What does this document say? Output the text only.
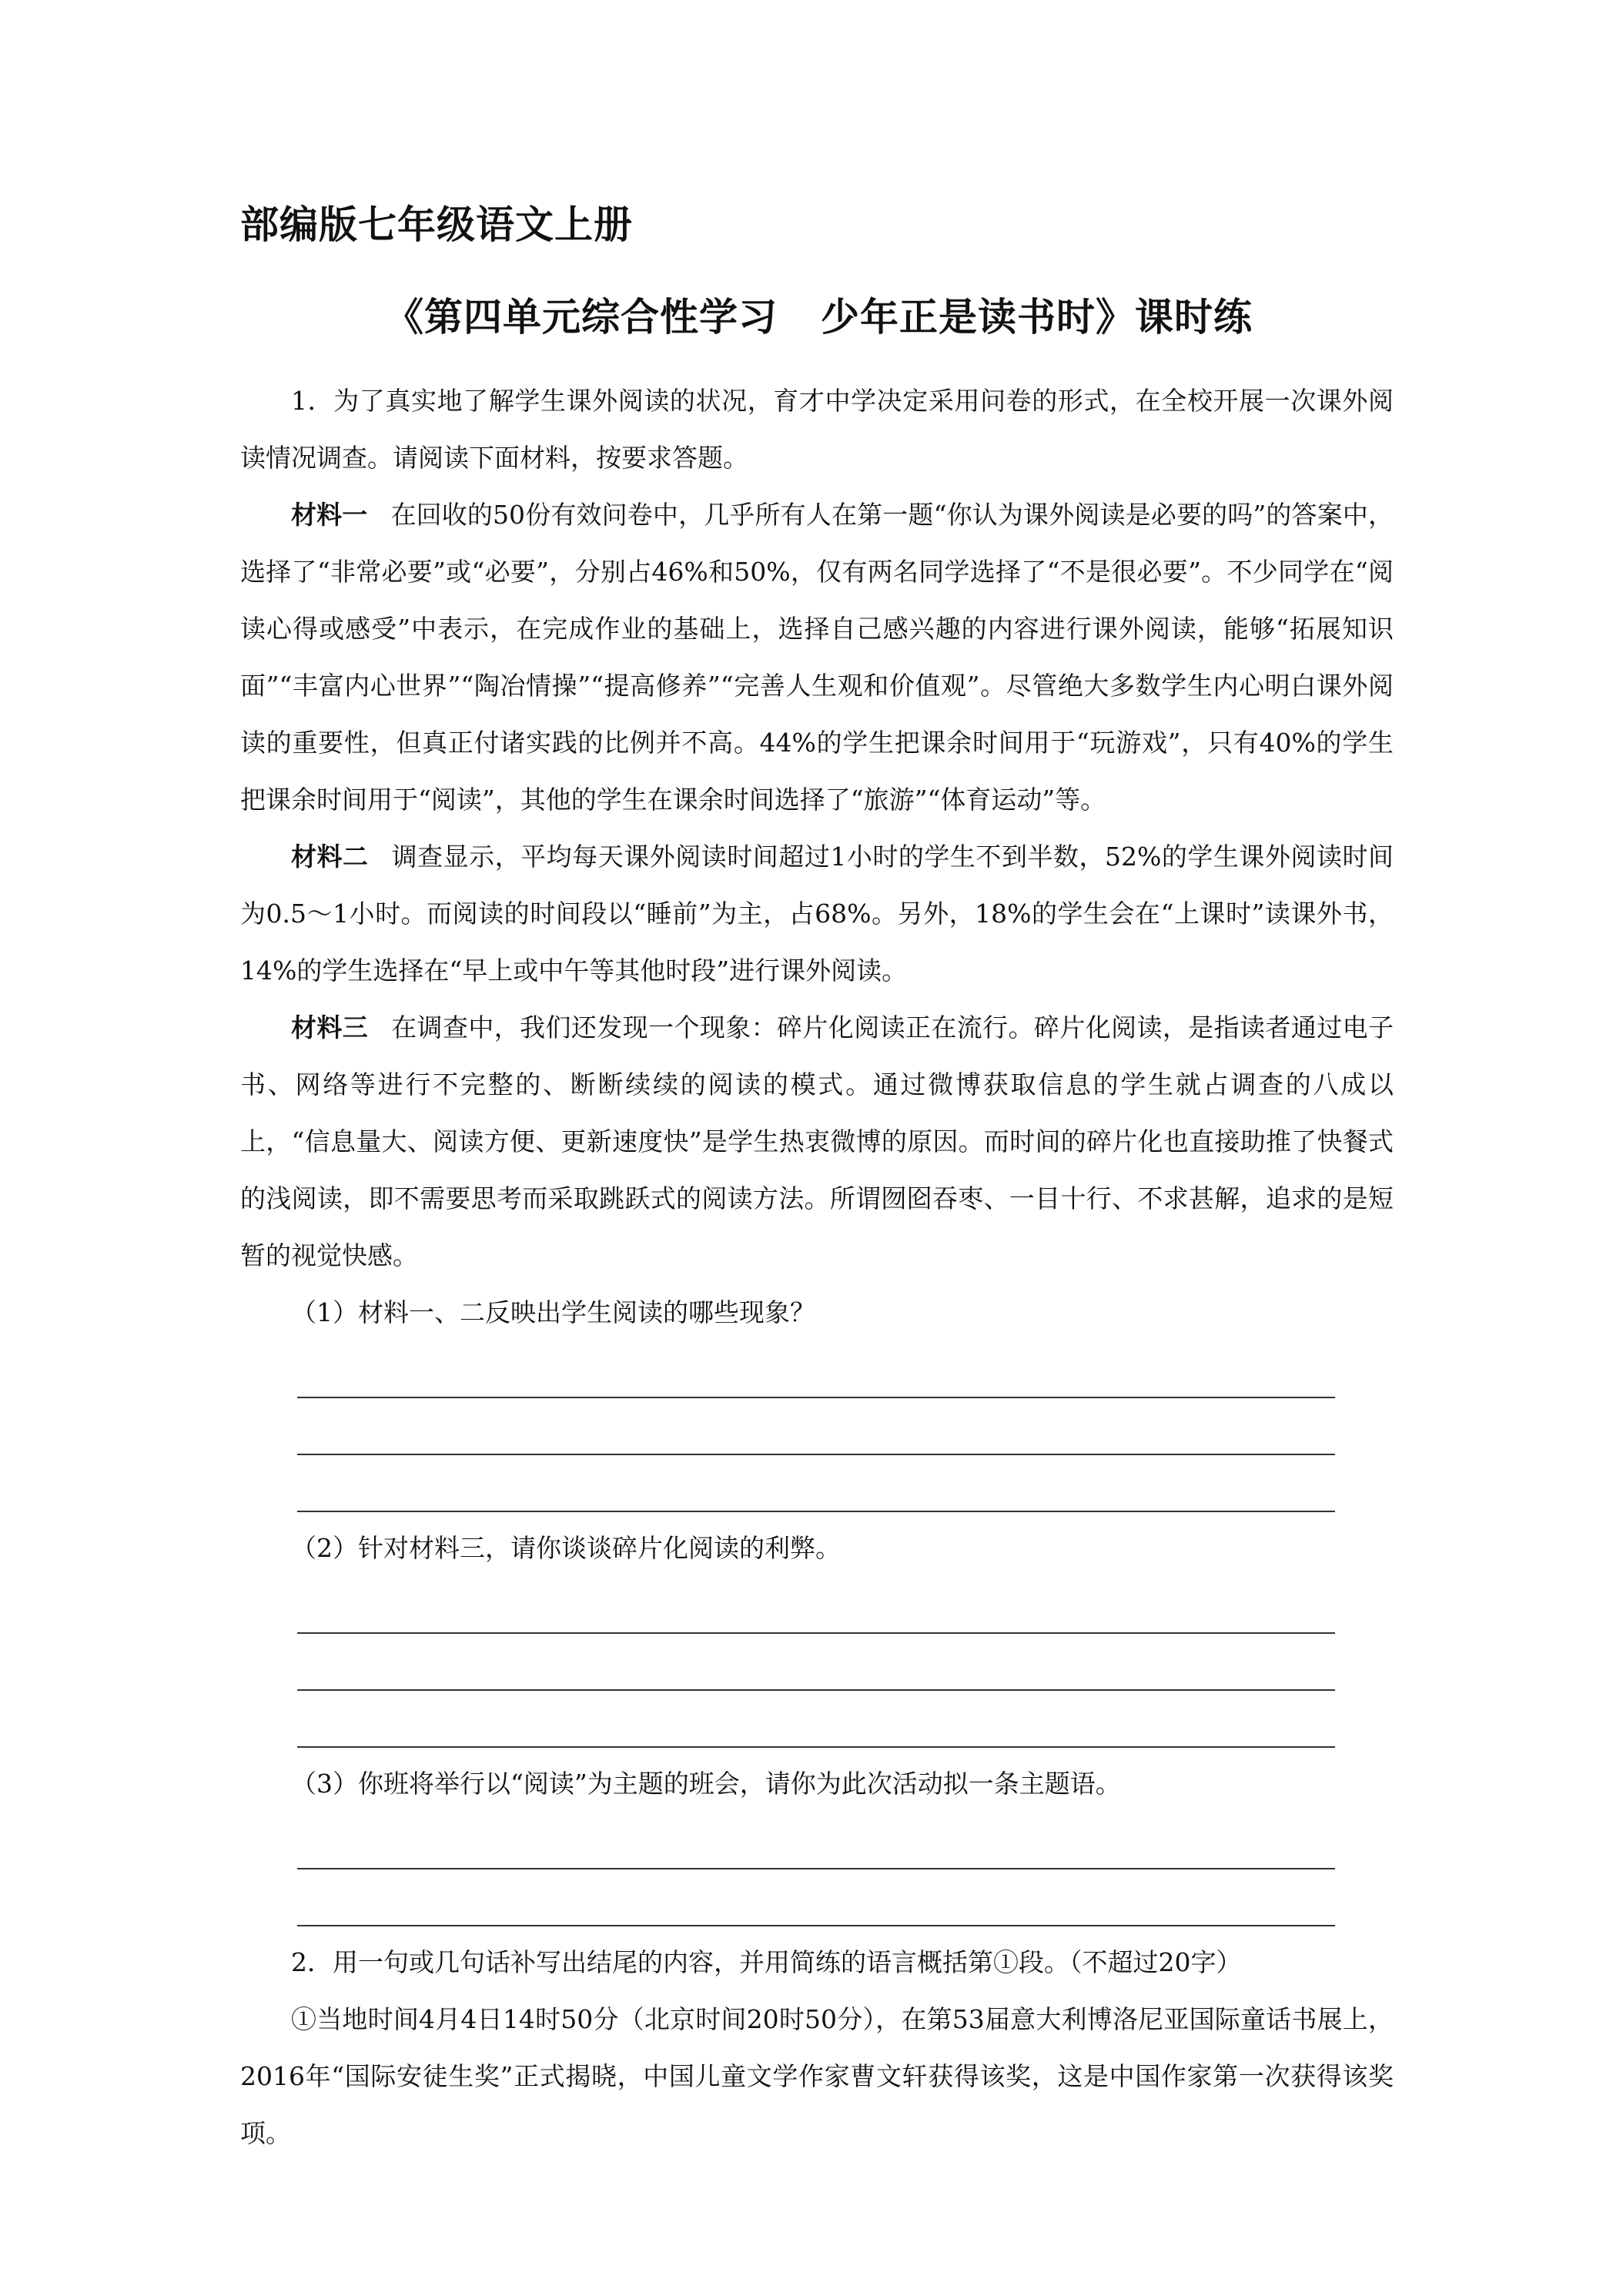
部编版七年级语文上册
《第四单元综合性学习 少年正是读书时》课时练

1．为了真实地了解学生课外阅读的状况，育才中学决定采用问卷的形式，在全校开展一次课外阅读情况调查。请阅读下面材料，按要求答题。

材料一 在回收的50份有效问卷中，几乎所有人在第一题“你认为课外阅读是必要的吗”的答案中，选择了“非常必要”或“必要”，分别占46%和50%，仅有两名同学选择了“不是很必要”。不少同学在“阅读心得或感受”中表示，在完成作业的基础上，选择自己感兴趣的内容进行课外阅读，能够“拓展知识面”“丰富内心世界”“陶冶情操”“提高修养”“完善人生观和价值观”。尽管绝大多数学生内心明白课外阅读的重要性，但真正付诸实践的比例并不高。44%的学生把课余时间用于“玩游戏”，只有40%的学生把课余时间用于“阅读”，其他的学生在课余时间选择了“旅游”“体育运动”等。

材料二 调查显示，平均每天课外阅读时间超过1小时的学生不到半数，52%的学生课外阅读时间为0.5～1小时。而阅读的时间段以“睡前”为主，占68%。另外，18%的学生会在“上课时”读课外书，14%的学生选择在“早上或中午等其他时段”进行课外阅读。

材料三 在调查中，我们还发现一个现象：碎片化阅读正在流行。碎片化阅读，是指读者通过电子书、网络等进行不完整的、断断续续的阅读的模式。通过微博获取信息的学生就占调查的八成以上，“信息量大、阅读方便、更新速度快”是学生热衷微博的原因。而时间的碎片化也直接助推了快餐式的浅阅读，即不需要思考而采取跳跃式的阅读方法。所谓囫囵吞枣、一目十行、不求甚解，追求的是短暂的视觉快感。

（1）材料一、二反映出学生阅读的哪些现象？

（2）针对材料三，请你谈谈碎片化阅读的利弊。

（3）你班将举行以“阅读”为主题的班会，请你为此次活动拟一条主题语。

2．用一句或几句话补写出结尾的内容，并用简练的语言概括第①段。（不超过20字）

①当地时间4月4日14时50分（北京时间20时50分），在第53届意大利博洛尼亚国际童话书展上，2016年“国际安徒生奖”正式揭晓，中国儿童文学作家曹文轩获得该奖，这是中国作家第一次获得该奖项。
